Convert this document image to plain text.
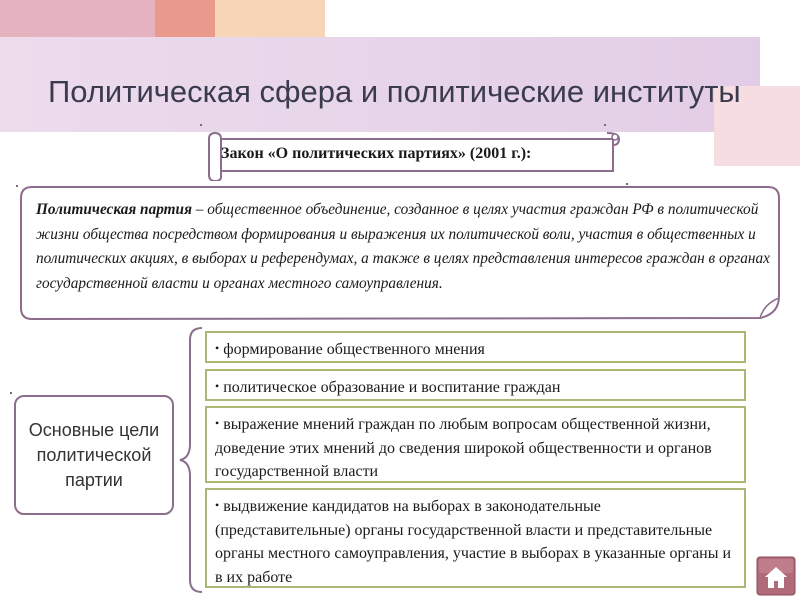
Политическая сфера и политические институты
Закон «О политических партиях» (2001 г.):
Политическая партия – общественное объединение, созданное в целях участия граждан РФ в политической жизни общества посредством формирования и выражения их политической воли, участия в общественных и политических акциях, в выборах и референдумах, а также в целях представления интересов граждан в органах государственной власти и органах местного самоуправления.
Основные цели политической партии
• формирование общественного мнения
• политическое образование и воспитание граждан
• выражение мнений граждан по любым вопросам общественной жизни, доведение этих мнений до сведения широкой общественности и органов государственной власти
• выдвижение кандидатов на выборах в законодательные (представительные) органы государственной власти и представительные органы местного самоуправления, участие в выборах в указанные органы и в их работе
